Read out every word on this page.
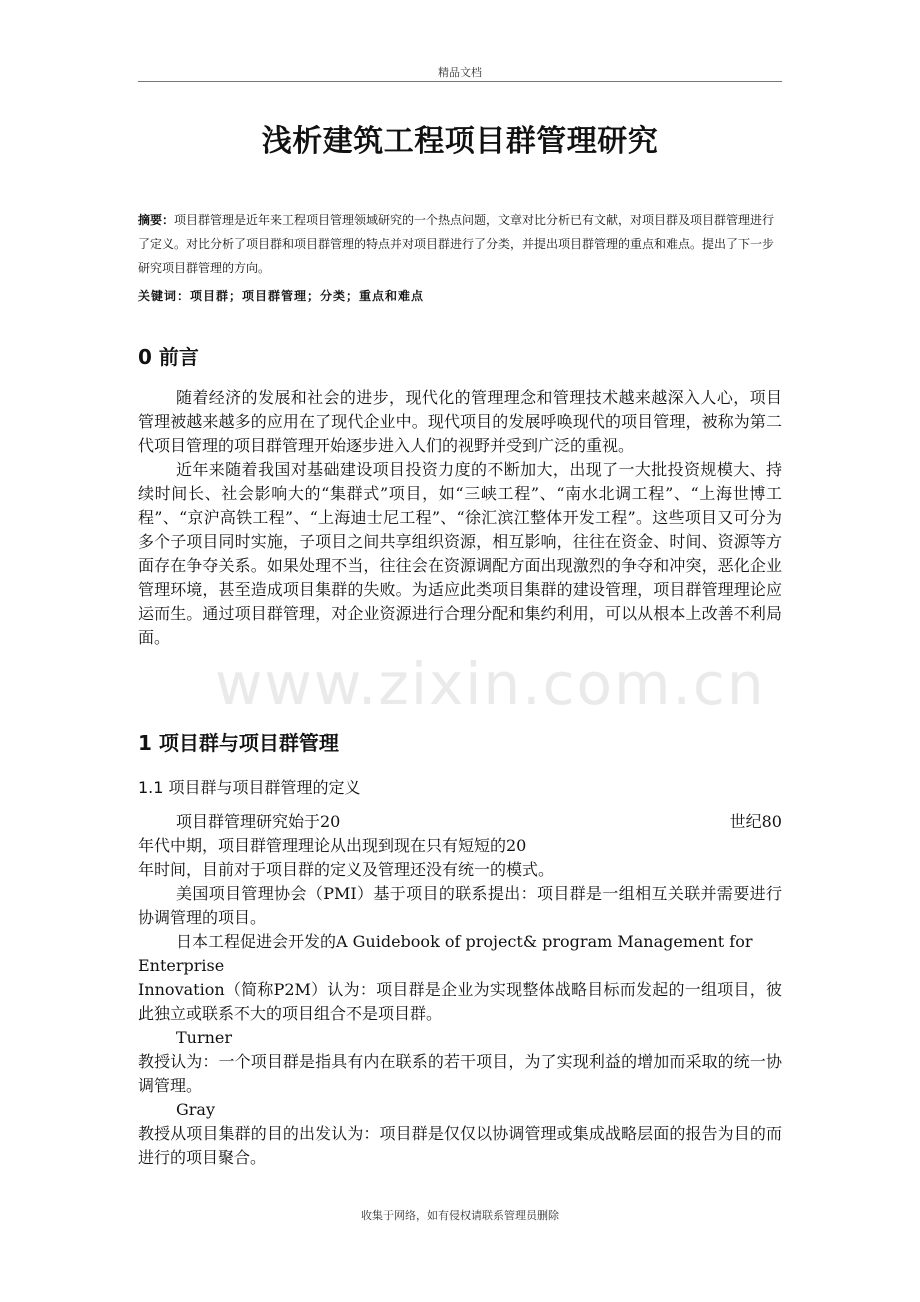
精品文档
浅析建筑工程项目群管理研究
摘要：项目群管理是近年来工程项目管理领域研究的一个热点问题，文章对比分析已有文献，对项目群及项目群管理进行了定义。对比分析了项目群和项目群管理的特点并对项目群进行了分类，并提出项目群管理的重点和难点。提出了下一步研究项目群管理的方向。
关键词：项目群；项目群管理；分类；重点和难点
0 前言

随着经济的发展和社会的进步，现代化的管理理念和管理技术越来越深入人心，项目管理被越来越多的应用在了现代企业中。现代项目的发展呼唤现代的项目管理，被称为第二代项目管理的项目群管理开始逐步进入人们的视野并受到广泛的重视。

近年来随着我国对基础建设项目投资力度的不断加大，出现了一大批投资规模大、持续时间长、社会影响大的“集群式”项目，如“三峡工程”、“南水北调工程”、“上海世博工程”、“京沪高铁工程”、“上海迪士尼工程”、“徐汇滨江整体开发工程”。这些项目又可分为多个子项目同时实施，子项目之间共享组织资源，相互影响，往往在资金、时间、资源等方面存在争夺关系。如果处理不当，往往会在资源调配方面出现激烈的争夺和冲突，恶化企业管理环境，甚至造成项目集群的失败。为适应此类项目集群的建设管理，项目群管理理论应运而生。通过项目群管理，对企业资源进行合理分配和集约利用，可以从根本上改善不利局面。

www.zixin.com.cn
1 项目群与项目群管理
1.1 项目群与项目群管理的定义
项目群管理研究始于20	世纪80
年代中期，项目群管理理论从出现到现在只有短短的20
年时间，目前对于项目群的定义及管理还没有统一的模式。

美国项目管理协会（PMI）基于项目的联系提出：项目群是一组相互关联并需要进行协调管理的项目。

日本工程促进会开发的A Guidebook of project& program Management for
Enterprise

Innovation（简称P2M）认为：项目群是企业为实现整体战略目标而发起的一组项目，彼此独立或联系不大的项目组合不是项目群。

Turner

教授认为：一个项目群是指具有内在联系的若干项目，为了实现利益的增加而采取的统一协调管理。

Gray

教授从项目集群的目的出发认为：项目群是仅仅以协调管理或集成战略层面的报告为目的而进行的项目聚合。

收集于网络，如有侵权请联系管理员删除
